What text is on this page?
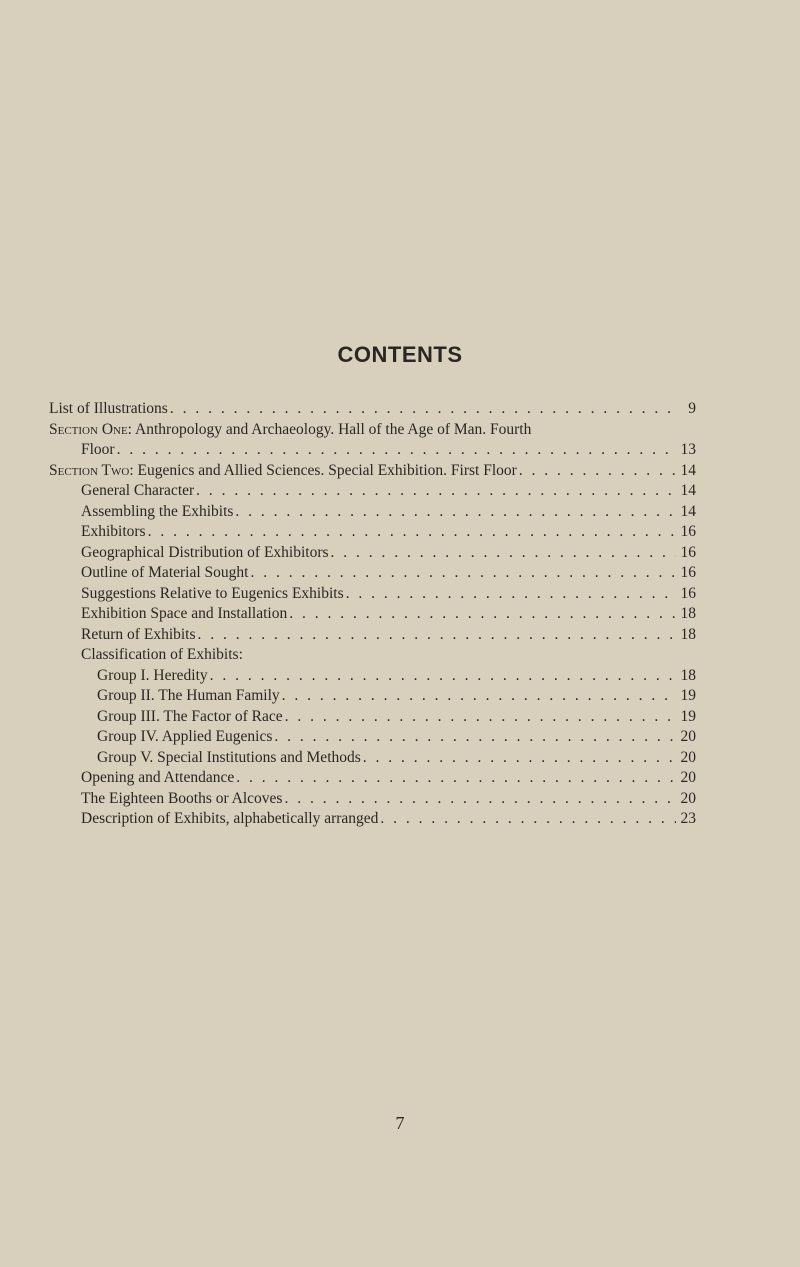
CONTENTS
List of Illustrations . . .	9
Section One: Anthropology and Archaeology. Hall of the Age of Man. Fourth
Floor . . .	13
Section Two: Eugenics and Allied Sciences. Special Exhibition. First Floor . . .	14
General Character . . .	14
Assembling the Exhibits . . .	14
Exhibitors . . .	16
Geographical Distribution of Exhibitors . . .	16
Outline of Material Sought . . .	16
Suggestions Relative to Eugenics Exhibits . . .	16
Exhibition Space and Installation . . .	18
Return of Exhibits . . .	18
Classification of Exhibits:
Group I. Heredity . . .	18
Group II. The Human Family . . .	19
Group III. The Factor of Race . . .	19
Group IV. Applied Eugenics . . .	20
Group V. Special Institutions and Methods . . .	20
Opening and Attendance . . .	20
The Eighteen Booths or Alcoves . . .	20
Description of Exhibits, alphabetically arranged . . .	23
7
